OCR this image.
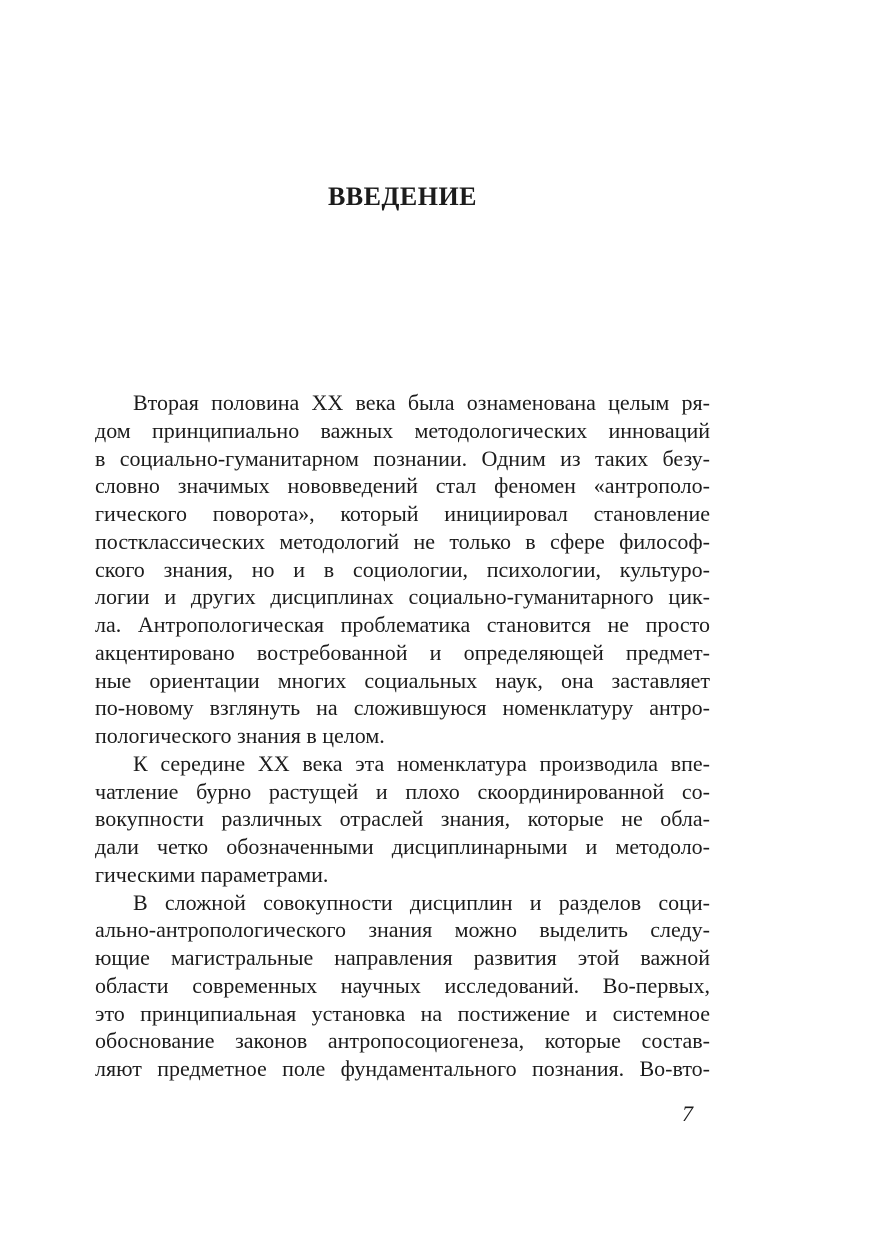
ВВЕДЕНИЕ
Вторая половина ХХ века была ознаменована целым ря-
дом принципиально важных методологических инноваций
в социально-гуманитарном познании. Одним из таких безу-
словно значимых нововведений стал феномен «антрополо-
гического поворота», который инициировал становление
постклассических методологий не только в сфере философ-
ского знания, но и в социологии, психологии, культуро-
логии и других дисциплинах социально-гуманитарного цик-
ла. Антропологическая проблематика становится не просто
акцентировано востребованной и определяющей предмет-
ные ориентации многих социальных наук, она заставляет
по-новому взглянуть на сложившуюся номенклатуру антро-
пологического знания в целом.
К середине ХХ века эта номенклатура производила впе-
чатление бурно растущей и плохо скоординированной со-
вокупности различных отраслей знания, которые не обла-
дали четко обозначенными дисциплинарными и методоло-
гическими параметрами.
В сложной совокупности дисциплин и разделов соци-
ально-антропологического знания можно выделить следу-
ющие магистральные направления развития этой важной
области современных научных исследований. Во-первых,
это принципиальная установка на постижение и системное
обоснование законов антропосоциогенеза, которые состав-
ляют предметное поле фундаментального познания. Во-вто-
7
